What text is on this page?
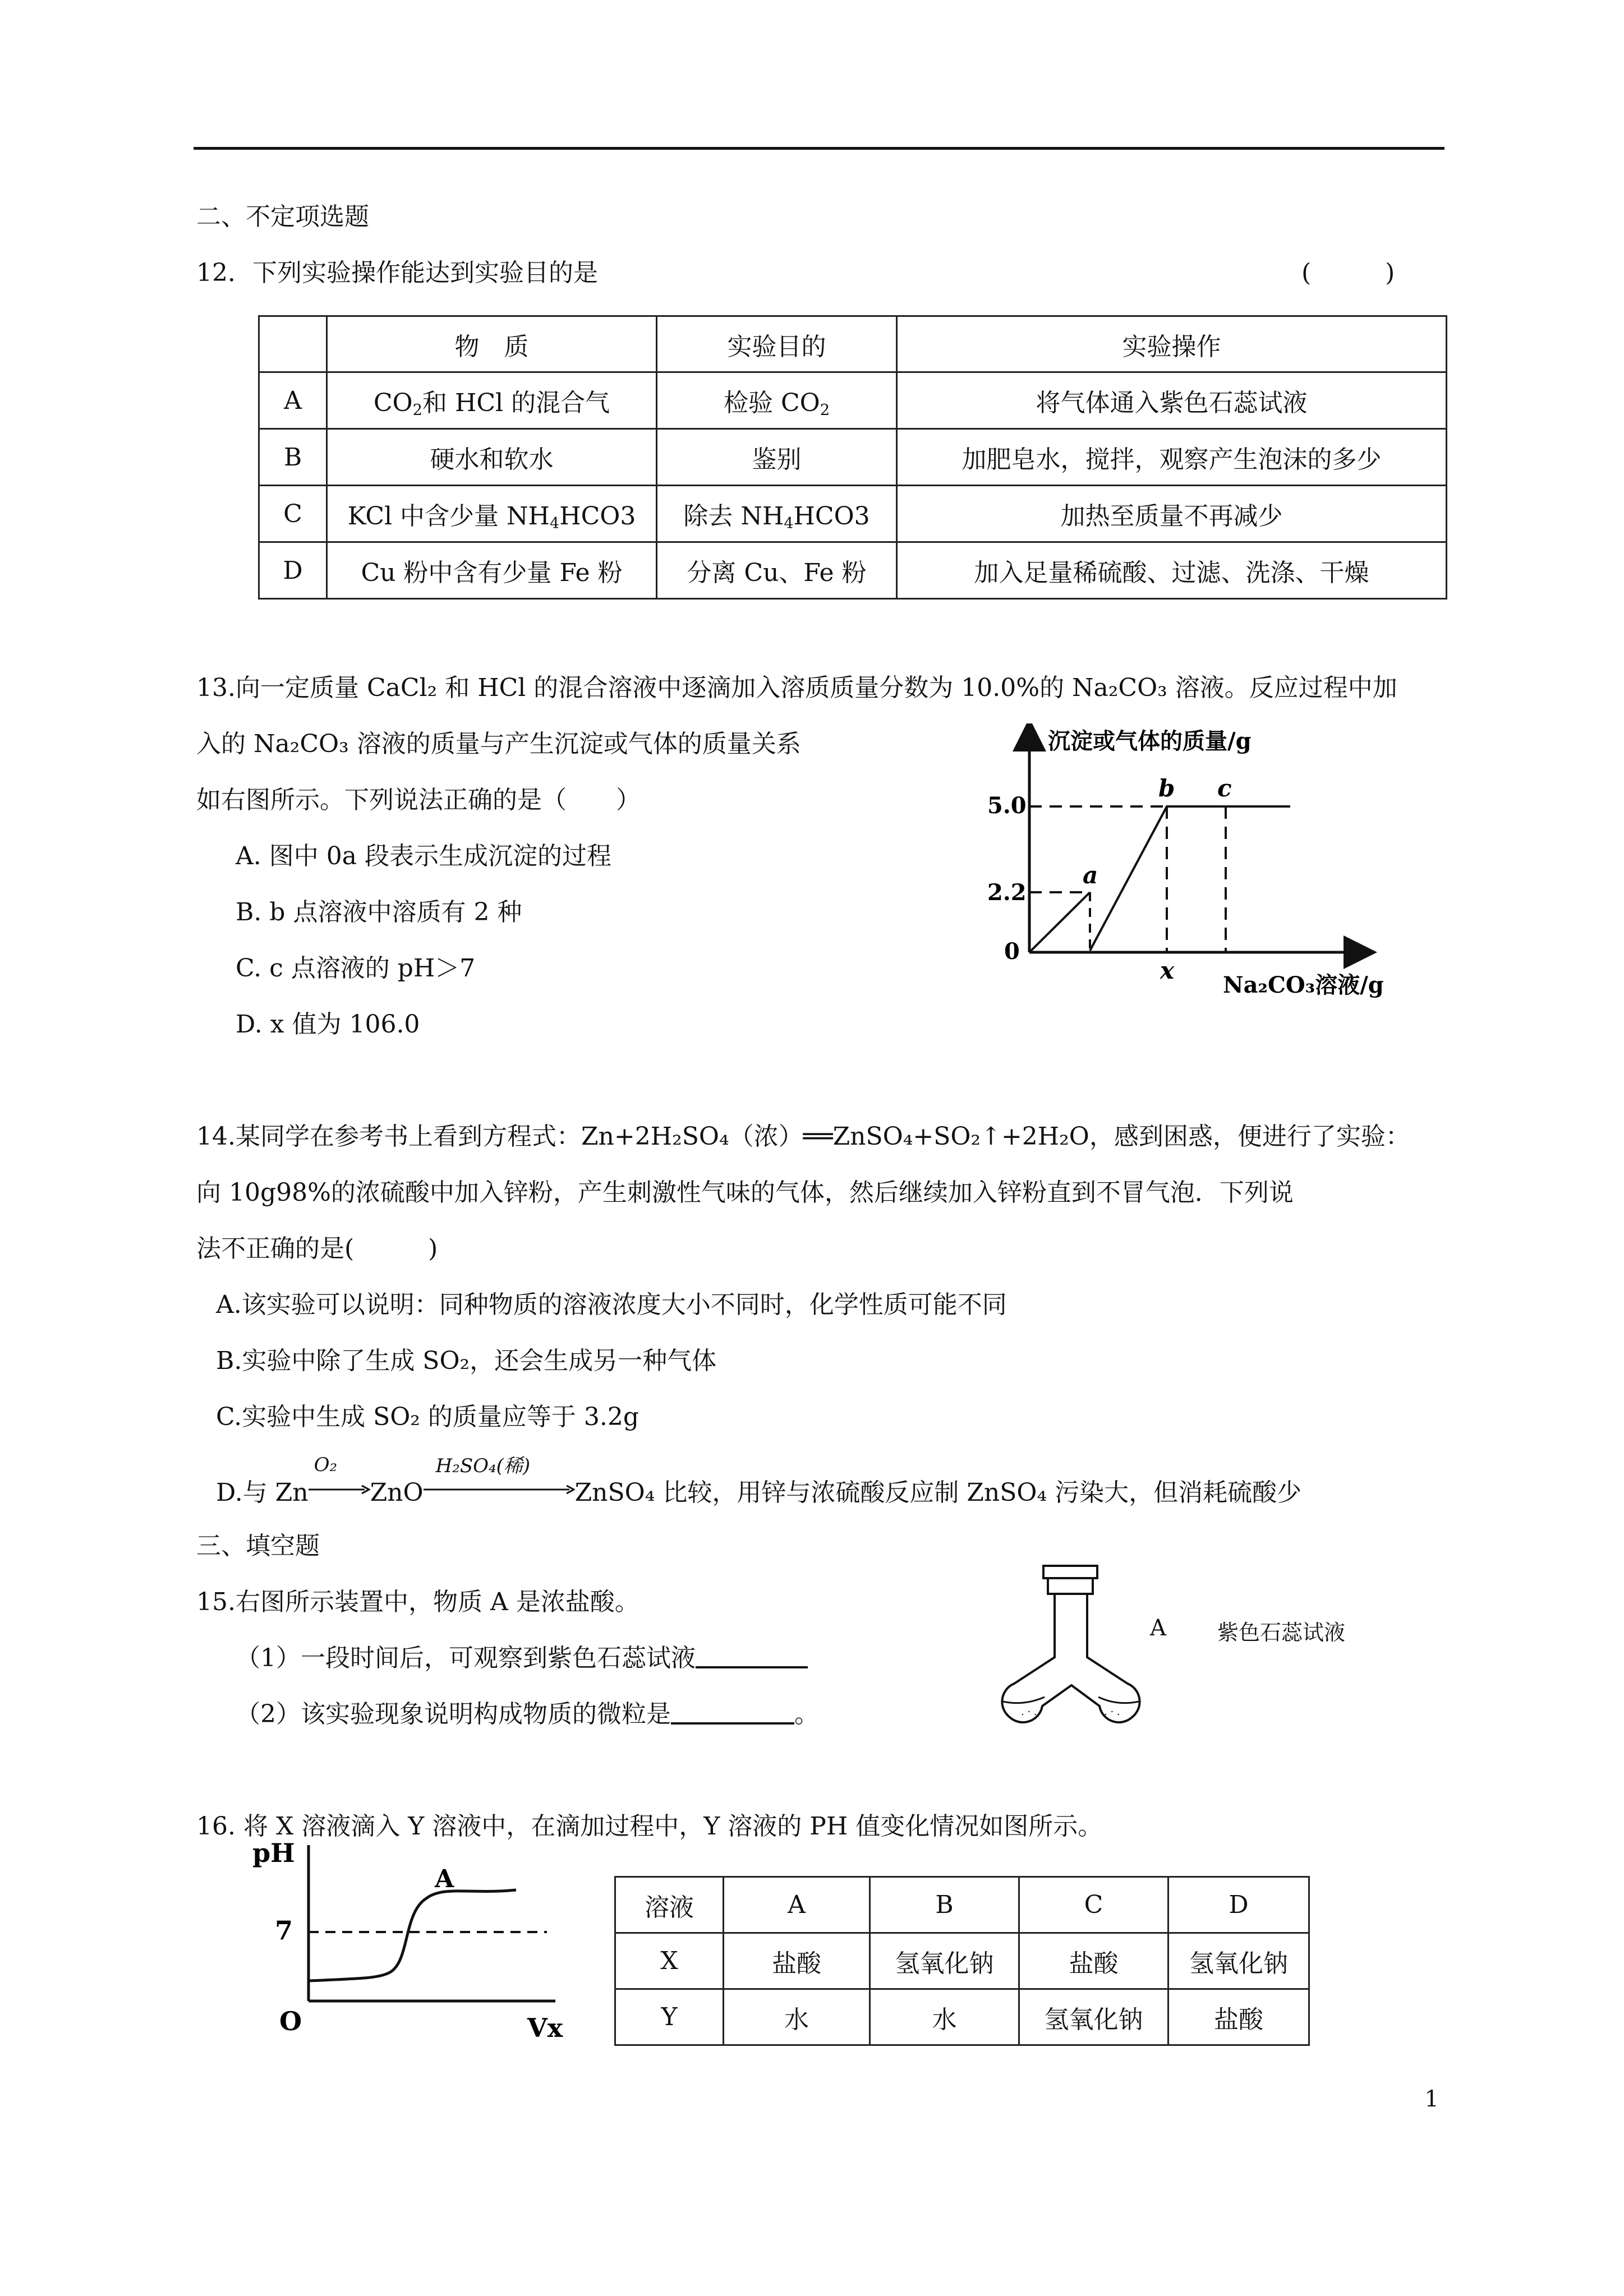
二、不定项选题
12．下列实验操作能达到实验目的是	(　　　)
	物　质	实验目的	实验操作
A	$CO_2$和 HCl 的混合气	检验 $CO_2$	将气体通入紫色石蕊试液
B	硬水和软水	鉴别	加肥皂水，搅拌，观察产生泡沫的多少
C	KCl 中含少量 $NH_4HCO3$	除去 $NH_4HCO3$	加热至质量不再减少
D	Cu 粉中含有少量 Fe 粉	分离 Cu、Fe 粉	加入足量稀硫酸、过滤、洗涤、干燥
13.向一定质量 CaCl₂ 和 HCl 的混合溶液中逐滴加入溶质质量分数为 10.0%的 Na₂CO₃ 溶液。反应过程中加
入的 Na₂CO₃ 溶液的质量与产生沉淀或气体的质量关系
如右图所示。下列说法正确的是（　　）
A. 图中 0a 段表示生成沉淀的过程
B. b 点溶液中溶质有 2 种
C. c 点溶液的 pH＞7
D. x 值为 106.0
沉淀或气体的质量/g
Na₂CO₃溶液/g
5.0
2.2
0
a
b c
x
14.某同学在参考书上看到方程式：Zn+2H₂SO₄（浓）══ZnSO₄+SO₂↑+2H₂O，感到困惑，便进行了实验：
向 10g98%的浓硫酸中加入锌粉，产生刺激性气味的气体，然后继续加入锌粉直到不冒气泡．下列说
法不正确的是(　　　)
A.该实验可以说明：同种物质的溶液浓度大小不同时，化学性质可能不同
B.实验中除了生成 SO₂，还会生成另一种气体
C.实验中生成 SO₂ 的质量应等于 3.2g
D.与 Zn
O₂
ZnO
H₂SO₄(稀)
ZnSO₄ 比较，用锌与浓硫酸反应制 ZnSO₄ 污染大，但消耗硫酸少
三、填空题
15.右图所示装置中，物质 A 是浓盐酸。
（1）一段时间后，可观察到紫色石蕊试液
（2）该实验现象说明构成物质的微粒是	。	. · .	. · .
A 紫色石蕊试液
16. 将 X 溶液滴入 Y 溶液中，在滴加过程中，Y 溶液的 PH 值变化情况如图所示。
pH
Vx
O
7
A
溶液	A	B	C	D
X	盐酸	氢氧化钠	盐酸	氢氧化钠
Y	水	水	氢氧化钠	盐酸
1
